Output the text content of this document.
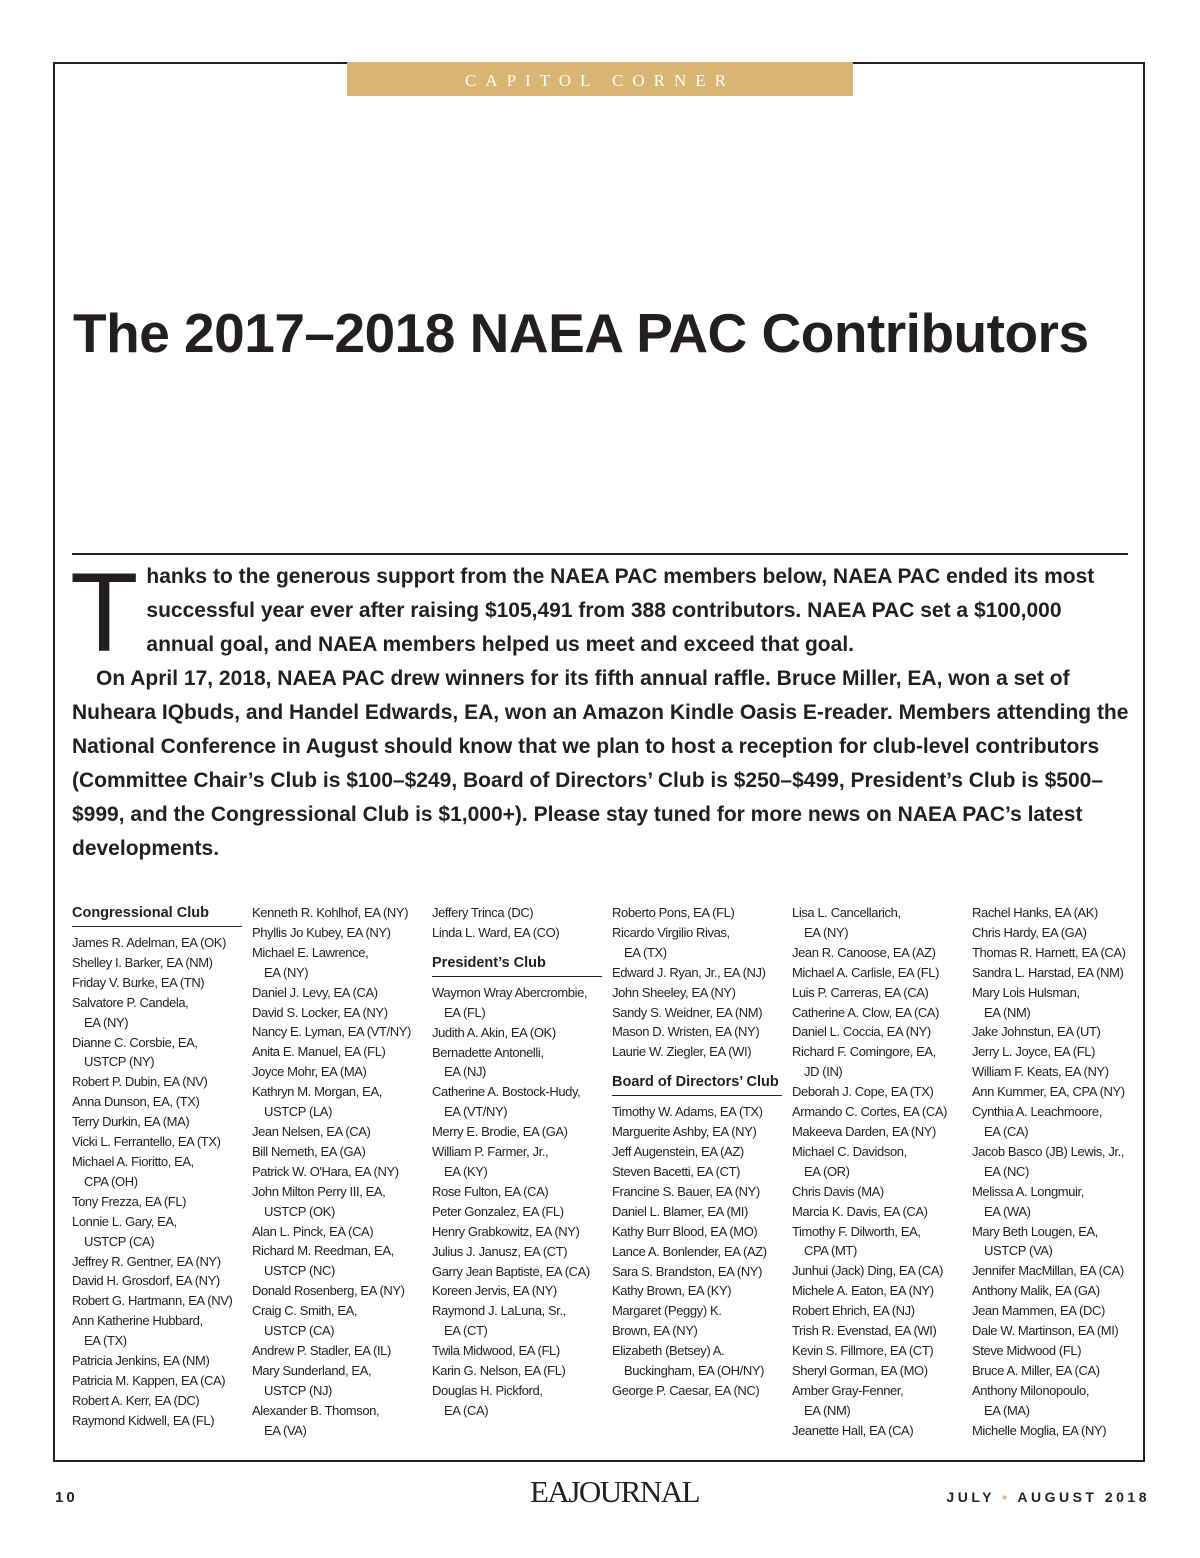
CAPITOL CORNER
The 2017–2018 NAEA PAC Contributors

Thanks to the generous support from the NAEA PAC members below, NAEA PAC ended its most successful year ever after raising $105,491 from 388 contributors. NAEA PAC set a $100,000 annual goal, and NAEA members helped us meet and exceed that goal.

On April 17, 2018, NAEA PAC drew winners for its fifth annual raffle. Bruce Miller, EA, won a set of Nuheara IQbuds, and Handel Edwards, EA, won an Amazon Kindle Oasis E-reader. Members attending the National Conference in August should know that we plan to host a reception for club-level contributors (Committee Chair’s Club is $100–$249, Board of Directors’ Club is $250–$499, President’s Club is $500–$999, and the Congressional Club is $1,000+). Please stay tuned for more news on NAEA PAC’s latest developments.

Congressional Club
James R. Adelman, EA (OK)
Shelley I. Barker, EA (NM)
Friday V. Burke, EA (TN)
Salvatore P. Candela,
EA (NY)
Dianne C. Corsbie, EA,
USTCP (NY)
Robert P. Dubin, EA (NV)
Anna Dunson, EA, (TX)
Terry Durkin, EA (MA)
Vicki L. Ferrantello, EA (TX)
Michael A. Fioritto, EA,
CPA (OH)
Tony Frezza, EA (FL)
Lonnie L. Gary, EA,
USTCP (CA)
Jeffrey R. Gentner, EA (NY)
David H. Grosdorf, EA (NY)
Robert G. Hartmann, EA (NV)
Ann Katherine Hubbard,
EA (TX)
Patricia Jenkins, EA (NM)
Patricia M. Kappen, EA (CA)
Robert A. Kerr, EA (DC)
Raymond Kidwell, EA (FL)
Kenneth R. Kohlhof, EA (NY)
Phyllis Jo Kubey, EA (NY)
Michael E. Lawrence,
EA (NY)
Daniel J. Levy, EA (CA)
David S. Locker, EA (NY)
Nancy E. Lyman, EA (VT/NY)
Anita E. Manuel, EA (FL)
Joyce Mohr, EA (MA)
Kathryn M. Morgan, EA,
USTCP (LA)
Jean Nelsen, EA (CA)
Bill Nemeth, EA (GA)
Patrick W. O'Hara, EA (NY)
John Milton Perry III, EA,
USTCP (OK)
Alan L. Pinck, EA (CA)
Richard M. Reedman, EA,
USTCP (NC)
Donald Rosenberg, EA (NY)
Craig C. Smith, EA,
USTCP (CA)
Andrew P. Stadler, EA (IL)
Mary Sunderland, EA,
USTCP (NJ)
Alexander B. Thomson,
EA (VA)
Jeffery Trinca (DC)
Linda L. Ward, EA (CO)
President’s Club
Waymon Wray Abercrombie,
EA (FL)
Judith A. Akin, EA (OK)
Bernadette Antonelli,
EA (NJ)
Catherine A. Bostock-Hudy,
EA (VT/NY)
Merry E. Brodie, EA (GA)
William P. Farmer, Jr.,
EA (KY)
Rose Fulton, EA (CA)
Peter Gonzalez, EA (FL)
Henry Grabkowitz, EA (NY)
Julius J. Janusz, EA (CT)
Garry Jean Baptiste, EA (CA)
Koreen Jervis, EA (NY)
Raymond J. LaLuna, Sr.,
EA (CT)
Twila Midwood, EA (FL)
Karin G. Nelson, EA (FL)
Douglas H. Pickford,
EA (CA)
Roberto Pons, EA (FL)
Ricardo Virgilio Rivas,
EA (TX)
Edward J. Ryan, Jr., EA (NJ)
John Sheeley, EA (NY)
Sandy S. Weidner, EA (NM)
Mason D. Wristen, EA (NY)
Laurie W. Ziegler, EA (WI)
Board of Directors’ Club
Timothy W. Adams, EA (TX)
Marguerite Ashby, EA (NY)
Jeff Augenstein, EA (AZ)
Steven Bacetti, EA (CT)
Francine S. Bauer, EA (NY)
Daniel L. Blamer, EA (MI)
Kathy Burr Blood, EA (MO)
Lance A. Bonlender, EA (AZ)
Sara S. Brandston, EA (NY)
Kathy Brown, EA (KY)
Margaret (Peggy) K.
Brown, EA (NY)
Elizabeth (Betsey) A.
Buckingham, EA (OH/NY)
George P. Caesar, EA (NC)
Lisa L. Cancellarich,
EA (NY)
Jean R. Canoose, EA (AZ)
Michael A. Carlisle, EA (FL)
Luis P. Carreras, EA (CA)
Catherine A. Clow, EA (CA)
Daniel L. Coccia, EA (NY)
Richard F. Comingore, EA,
JD (IN)
Deborah J. Cope, EA (TX)
Armando C. Cortes, EA (CA)
Makeeva Darden, EA (NY)
Michael C. Davidson,
EA (OR)
Chris Davis (MA)
Marcia K. Davis, EA (CA)
Timothy F. Dilworth, EA,
CPA (MT)
Junhui (Jack) Ding, EA (CA)
Michele A. Eaton, EA (NY)
Robert Ehrich, EA (NJ)
Trish R. Evenstad, EA (WI)
Kevin S. Fillmore, EA (CT)
Sheryl Gorman, EA (MO)
Amber Gray-Fenner,
EA (NM)
Jeanette Hall, EA (CA)
Rachel Hanks, EA (AK)
Chris Hardy, EA (GA)
Thomas R. Harnett, EA (CA)
Sandra L. Harstad, EA (NM)
Mary Lois Hulsman,
EA (NM)
Jake Johnstun, EA (UT)
Jerry L. Joyce, EA (FL)
William F. Keats, EA (NY)
Ann Kummer, EA, CPA (NY)
Cynthia A. Leachmoore,
EA (CA)
Jacob Basco (JB) Lewis, Jr.,
EA (NC)
Melissa A. Longmuir,
EA (WA)
Mary Beth Lougen, EA,
USTCP (VA)
Jennifer MacMillan, EA (CA)
Anthony Malik, EA (GA)
Jean Mammen, EA (DC)
Dale W. Martinson, EA (MI)
Steve Midwood (FL)
Bruce A. Miller, EA (CA)
Anthony Milonopoulo,
EA (MA)
Michelle Moglia, EA (NY)
10	EAJOURNAL	JULY • AUGUST 2018
